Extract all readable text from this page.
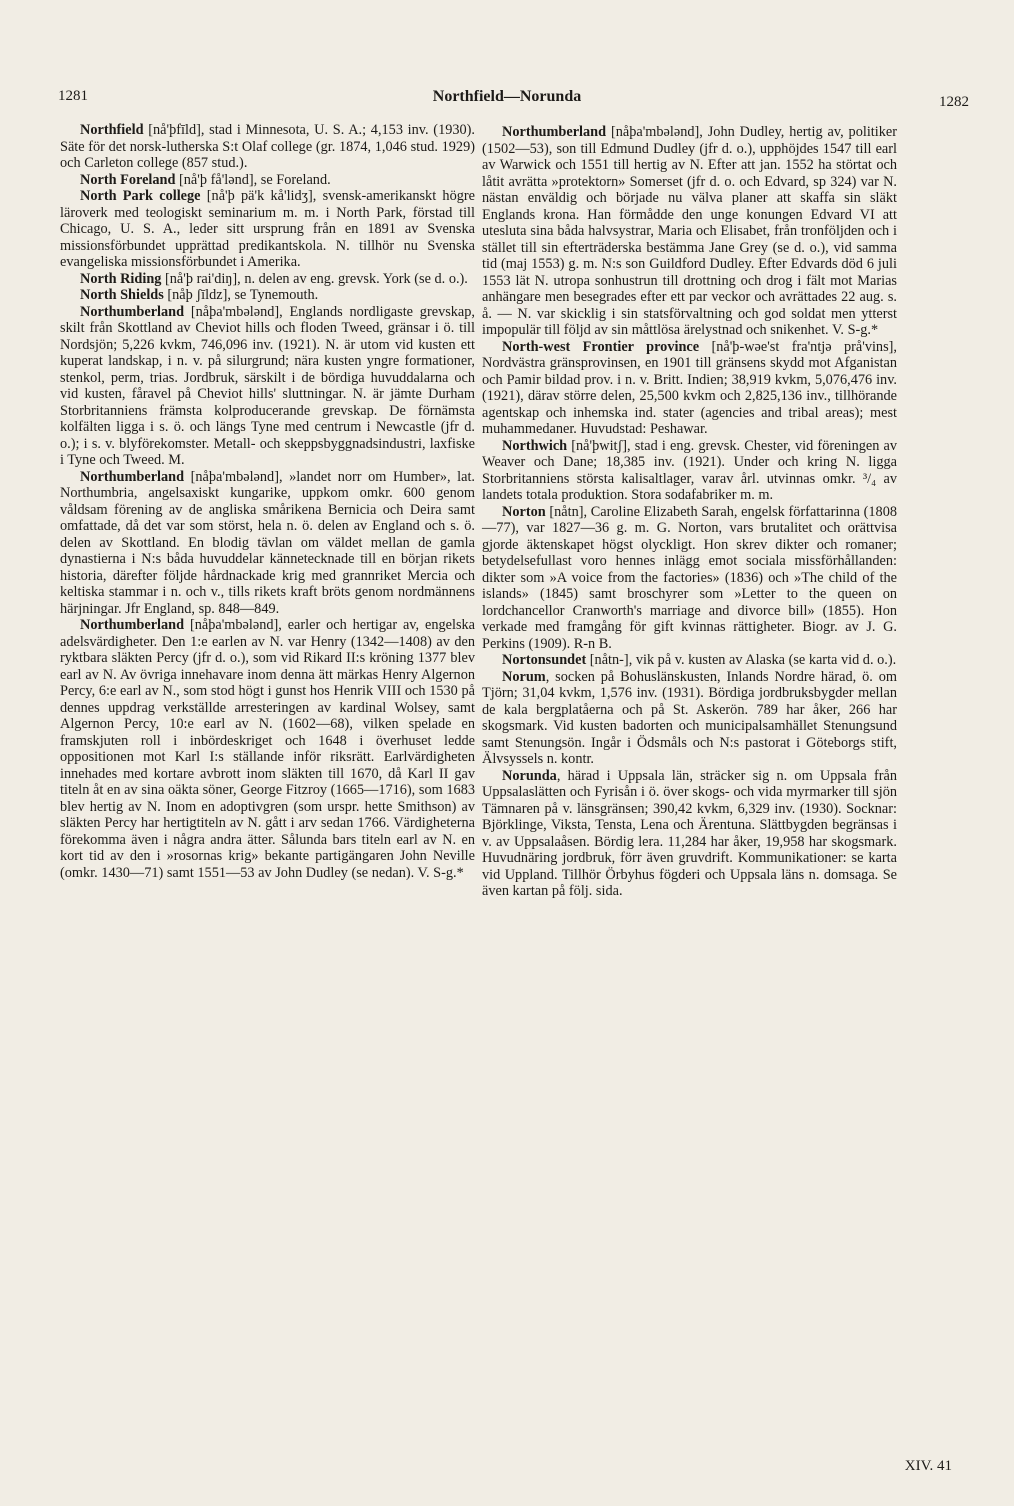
1281	Northfield—Norunda	1282

Northfield [nå'þfīld], stad i Minnesota, U. S. A.; 4,153 inv. (1930). Säte för det norsk-lutherska S:t Olaf college (gr. 1874, 1,046 stud. 1929) och Carleton college (857 stud.).

North Foreland [nå'þ få'lənd], se Foreland.

North Park college [nå'þ pä'k kå'lidʒ], svensk-amerikanskt högre läroverk med teologiskt seminarium m. m. i North Park, förstad till Chicago, U. S. A., leder sitt ursprung från en 1891 av Svenska missionsförbundet upprättad predikantskola. N. tillhör nu Svenska evangeliska missionsförbundet i Amerika.

North Riding [nå'þ rai'diŋ], n. delen av eng. grevsk. York (se d. o.).

North Shields [nåþ ʃīldz], se Tynemouth.

Northumberland [nåþa'mbələnd], Englands nordligaste grevskap, skilt från Skottland av Cheviot hills och floden Tweed, gränsar i ö. till Nordsjön; 5,226 kvkm, 746,096 inv. (1921). N. är utom vid kusten ett kuperat landskap, i n. v. på silurgrund; nära kusten yngre formationer, stenkol, perm, trias. Jordbruk, särskilt i de bördiga huvuddalarna och vid kusten, fåravel på Cheviot hills' sluttningar. N. är jämte Durham Storbritanniens främsta kolproducerande grevskap. De förnämsta kolfälten ligga i s. ö. och längs Tyne med centrum i Newcastle (jfr d. o.); i s. v. blyförekomster. Metall- och skeppsbyggnadsindustri, laxfiske i Tyne och Tweed. M.

Northumberland [nåþa'mbələnd], »landet norr om Humber», lat. Northumbria, angelsaxiskt kungarike, uppkom omkr. 600 genom våldsam förening av de angliska smårikena Bernicia och Deira samt omfattade, då det var som störst, hela n. ö. delen av England och s. ö. delen av Skottland. En blodig tävlan om väldet mellan de gamla dynastierna i N:s båda huvuddelar kännetecknade till en början rikets historia, därefter följde hårdnackade krig med grannriket Mercia och keltiska stammar i n. och v., tills rikets kraft bröts genom nordmännens härjningar. Jfr England, sp. 848—849.

Northumberland [nåþa'mbələnd], earler och hertigar av, engelska adelsvärdigheter. Den 1:e earlen av N. var Henry (1342—1408) av den ryktbara släkten Percy (jfr d. o.), som vid Rikard II:s kröning 1377 blev earl av N. Av övriga innehavare inom denna ätt märkas Henry Algernon Percy, 6:e earl av N., som stod högt i gunst hos Henrik VIII och 1530 på dennes uppdrag verkställde arresteringen av kardinal Wolsey, samt Algernon Percy, 10:e earl av N. (1602—68), vilken spelade en framskjuten roll i inbördeskriget och 1648 i överhuset ledde oppositionen mot Karl I:s ställande inför riksrätt. Earlvärdigheten innehades med kortare avbrott inom släkten till 1670, då Karl II gav titeln åt en av sina oäkta söner, George Fitzroy (1665—1716), som 1683 blev hertig av N. Inom en adoptivgren (som urspr. hette Smithson) av släkten Percy har hertigtiteln av N. gått i arv sedan 1766. Värdigheterna förekomma även i några andra ätter. Sålunda bars titeln earl av N. en kort tid av den i »rosornas krig» bekante partigängaren John Neville (omkr. 1430—71) samt 1551—53 av John Dudley (se nedan). V. S-g.*

Northumberland [nåþa'mbələnd], John Dudley, hertig av, politiker (1502—53), son till Edmund Dudley (jfr d. o.), upphöjdes 1547 till earl av Warwick och 1551 till hertig av N. Efter att jan. 1552 ha störtat och låtit avrätta »protektorn» Somerset (jfr d. o. och Edvard, sp 324) var N. nästan enväldig och började nu välva planer att skaffa sin släkt Englands krona. Han förmådde den unge konungen Edvard VI att utesluta sina båda halvsystrar, Maria och Elisabet, från tronföljden och i stället till sin efterträderska bestämma Jane Grey (se d. o.), vid samma tid (maj 1553) g. m. N:s son Guildford Dudley. Efter Edvards död 6 juli 1553 lät N. utropa sonhustrun till drottning och drog i fält mot Marias anhängare men besegrades efter ett par veckor och avrättades 22 aug. s. å. — N. var skicklig i sin statsförvaltning och god soldat men ytterst impopulär till följd av sin måttlösa ärelystnad och snikenhet. V. S-g.*

North-west Frontier province [nå'þ-wəe'st fra'ntjə prå'vins], Nordvästra gränsprovinsen, en 1901 till gränsens skydd mot Afganistan och Pamir bildad prov. i n. v. Britt. Indien; 38,919 kvkm, 5,076,476 inv. (1921), därav större delen, 25,500 kvkm och 2,825,136 inv., tillhörande agentskap och inhemska ind. stater (agencies and tribal areas); mest muhammedaner. Huvudstad: Peshawar.

Northwich [nå'þwitʃ], stad i eng. grevsk. Chester, vid föreningen av Weaver och Dane; 18,385 inv. (1921). Under och kring N. ligga Storbritanniens största kalisaltlager, varav årl. utvinnas omkr. ³/₄ av landets totala produktion. Stora sodafabriker m. m.

Norton [nåtn], Caroline Elizabeth Sarah, engelsk författarinna (1808—77), var 1827—36 g. m. G. Norton, vars brutalitet och orättvisa gjorde äktenskapet högst olyckligt. Hon skrev dikter och romaner; betydelsefullast voro hennes inlägg emot sociala missförhållanden: dikter som »A voice from the factories» (1836) och »The child of the islands» (1845) samt broschyrer som »Letter to the queen on lordchancellor Cranworth's marriage and divorce bill» (1855). Hon verkade med framgång för gift kvinnas rättigheter. Biogr. av J. G. Perkins (1909). R-n B.

Nortonsundet [nåtn-], vik på v. kusten av Alaska (se karta vid d. o.).

Norum, socken på Bohuslänskusten, Inlands Nordre härad, ö. om Tjörn; 31,04 kvkm, 1,576 inv. (1931). Bördiga jordbruksbygder mellan de kala bergplatåerna och på St. Askerön. 789 har åker, 266 har skogsmark. Vid kusten badorten och municipalsamhället Stenungsund samt Stenungsön. Ingår i Ödsmåls och N:s pastorat i Göteborgs stift, Älvsyssels n. kontr.

Norunda, härad i Uppsala län, sträcker sig n. om Uppsala från Uppsalaslätten och Fyrisån i ö. över skogs- och vida myrmarker till sjön Tämnaren på v. länsgränsen; 390,42 kvkm, 6,329 inv. (1930). Socknar: Björklinge, Viksta, Tensta, Lena och Ärentuna. Slättbygden begränsas i v. av Uppsalaåsen. Bördig lera. 11,284 har åker, 19,958 har skogsmark. Huvudnäring jordbruk, förr även gruvdrift. Kommunikationer: se karta vid Uppland. Tillhör Örbyhus fögderi och Uppsala läns n. domsaga. Se även kartan på följ. sida.

XIV. 41
